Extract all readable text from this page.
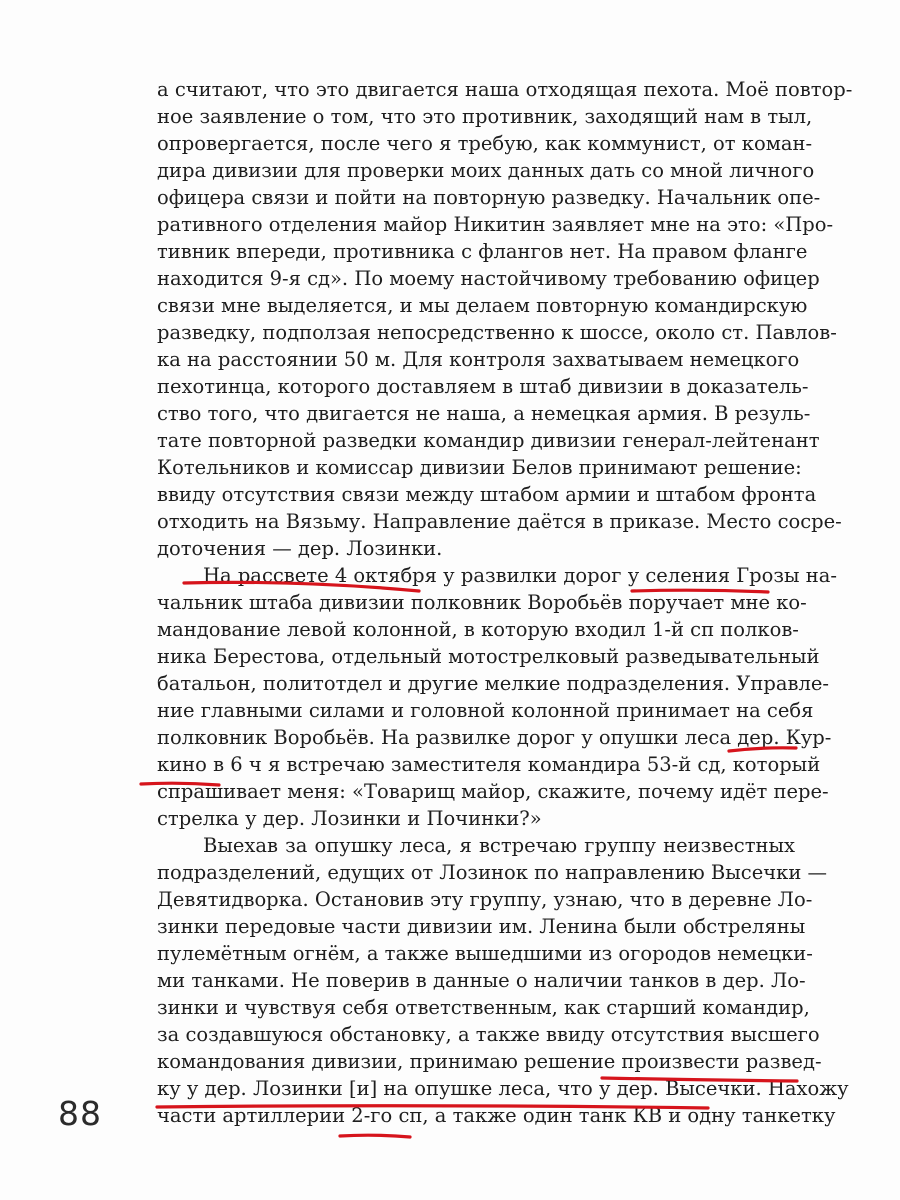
а считают, что это двигается наша отходящая пехота. Моё повтор-
ное заявление о том, что это противник, заходящий нам в тыл,
опровергается, после чего я требую, как коммунист, от коман-
дира дивизии для проверки моих данных дать со мной личного
офицера связи и пойти на повторную разведку. Начальник опе-
ративного отделения майор Никитин заявляет мне на это: «Про-
тивник впереди, противника с флангов нет. На правом фланге
находится 9-я сд». По моему настойчивому требованию офицер
связи мне выделяется, и мы делаем повторную командирскую
разведку, подползая непосредственно к шоссе, около ст. Павлов-
ка на расстоянии 50 м. Для контроля захватываем немецкого
пехотинца, которого доставляем в штаб дивизии в доказатель-
ство того, что двигается не наша, а немецкая армия. В резуль-
тате повторной разведки командир дивизии генерал-лейтенант
Котельников и комиссар дивизии Белов принимают решение:
ввиду отсутствия связи между штабом армии и штабом фронта
отходить на Вязьму. Направление даётся в приказе. Место сосре-
доточения — дер. Лозинки.
На рассвете 4 октября у развилки дорог у селения Грозы на-
чальник штаба дивизии полковник Воробьёв поручает мне ко-
мандование левой колонной, в которую входил 1-й сп полков-
ника Берестова, отдельный мотострелковый разведывательный
батальон, политотдел и другие мелкие подразделения. Управле-
ние главными силами и головной колонной принимает на себя
полковник Воробьёв. На развилке дорог у опушки леса дер. Кур-
кино в 6 ч я встречаю заместителя командира 53-й сд, который
спрашивает меня: «Товарищ майор, скажите, почему идёт пере-
стрелка у дер. Лозинки и Починки?»
Выехав за опушку леса, я встречаю группу неизвестных
подразделений, едущих от Лозинок по направлению Высечки —
Девятидворка. Остановив эту группу, узнаю, что в деревне Ло-
зинки передовые части дивизии им. Ленина были обстреляны
пулемётным огнём, а также вышедшими из огородов немецки-
ми танками. Не поверив в данные о наличии танков в дер. Ло-
зинки и чувствуя себя ответственным, как старший командир,
за создавшуюся обстановку, а также ввиду отсутствия высшего
командования дивизии, принимаю решение произвести развед-
ку у дер. Лозинки [и] на опушке леса, что у дер. Высечки. Нахожу
части артиллерии 2-го сп, а также один танк КВ и одну танкетку
88
